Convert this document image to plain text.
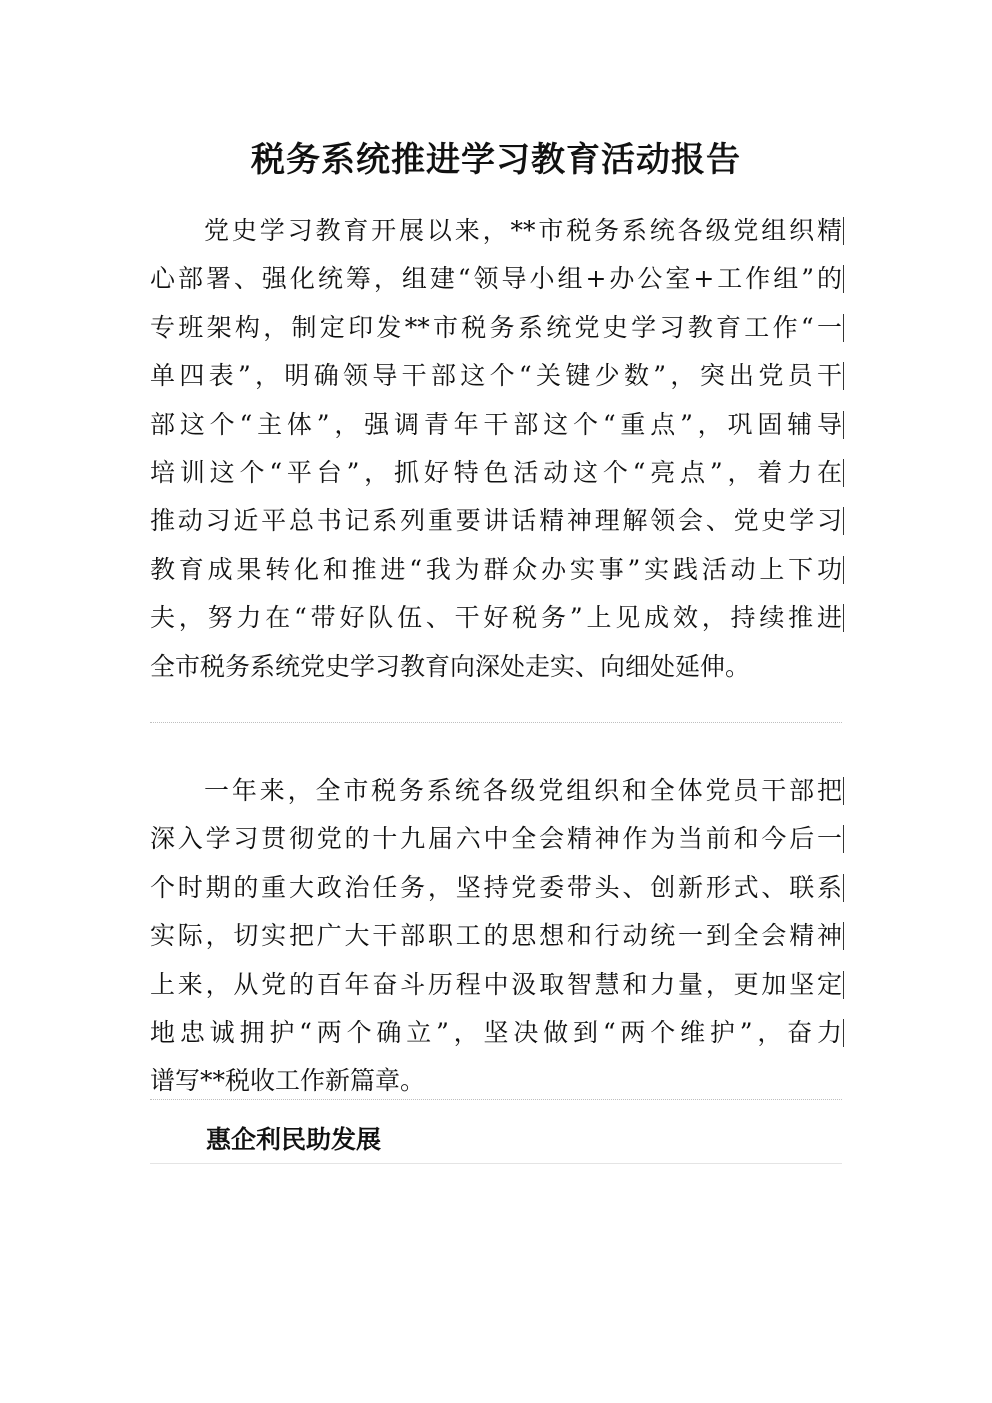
税务系统推进学习教育活动报告
党史学习教育开展以来，**市税务系统各级党组织精
心部署、强化统筹，组建“领导小组+办公室+工作组”的
专班架构，制定印发**市税务系统党史学习教育工作“一
单四表”，明确领导干部这个“关键少数”，突出党员干
部这个“主体”，强调青年干部这个“重点”，巩固辅导
培训这个“平台”，抓好特色活动这个“亮点”，着力在
推动习近平总书记系列重要讲话精神理解领会、党史学习
教育成果转化和推进“我为群众办实事”实践活动上下功
夫，努力在“带好队伍、干好税务”上见成效，持续推进
全市税务系统党史学习教育向深处走实、向细处延伸。
一年来，全市税务系统各级党组织和全体党员干部把
深入学习贯彻党的十九届六中全会精神作为当前和今后一
个时期的重大政治任务，坚持党委带头、创新形式、联系
实际，切实把广大干部职工的思想和行动统一到全会精神
上来，从党的百年奋斗历程中汲取智慧和力量，更加坚定
地忠诚拥护“两个确立”，坚决做到“两个维护”，奋力
谱写**税收工作新篇章。
惠企利民助发展
